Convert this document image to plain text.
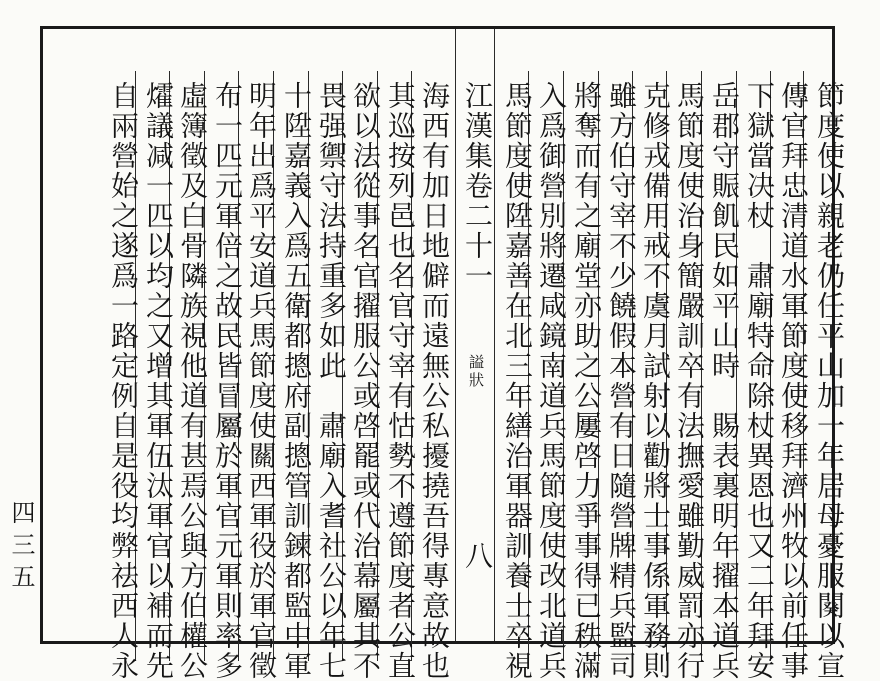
節度使以親老仍任平山加一年居母憂服闋以宣
傳官拜忠清道水軍節度使移拜濟州牧以前任事
下獄當决杖　肅廟特命除杖異恩也又二年拜安
岳郡守賑飢民如平山時　賜表裏明年擢本道兵
馬節度使治身簡嚴訓卒有法撫愛雖勤威罰亦行
克修戎備用戒不虞月試射以勸將士事係軍務則
雖方伯守宰不少饒假本營有日隨營牌精兵監司
將奪而有之廟堂亦助之公屢啓力爭事得已秩滿
入爲御營別將遷咸鏡南道兵馬節度使改北道兵
馬節度使陞嘉善在北三年繕治軍器訓養士卒視
江漢集卷二十一
謚狀
八
海西有加日地僻而遠無公私擾撓吾得專意故也
其巡按列邑也名官守宰有怙勢不遵節度者公直
欲以法從事名官擢服公或啓罷或代治幕屬其不
畏强禦守法持重多如此　肅廟入耆社公以年七
十陞嘉義入爲五衛都摠府副摠管訓鍊都監中軍
明年出爲平安道兵馬節度使關西軍役於軍官徵
布一匹元軍倍之故民皆冒屬於軍官元軍則率多
虛簿徵及白骨隣族視他道有甚焉公與方伯權公
㸌議减一匹以均之又增其軍伍汰軍官以補而先
自兩營始之遂爲一路定例自是役均弊祛西人永
四三五
